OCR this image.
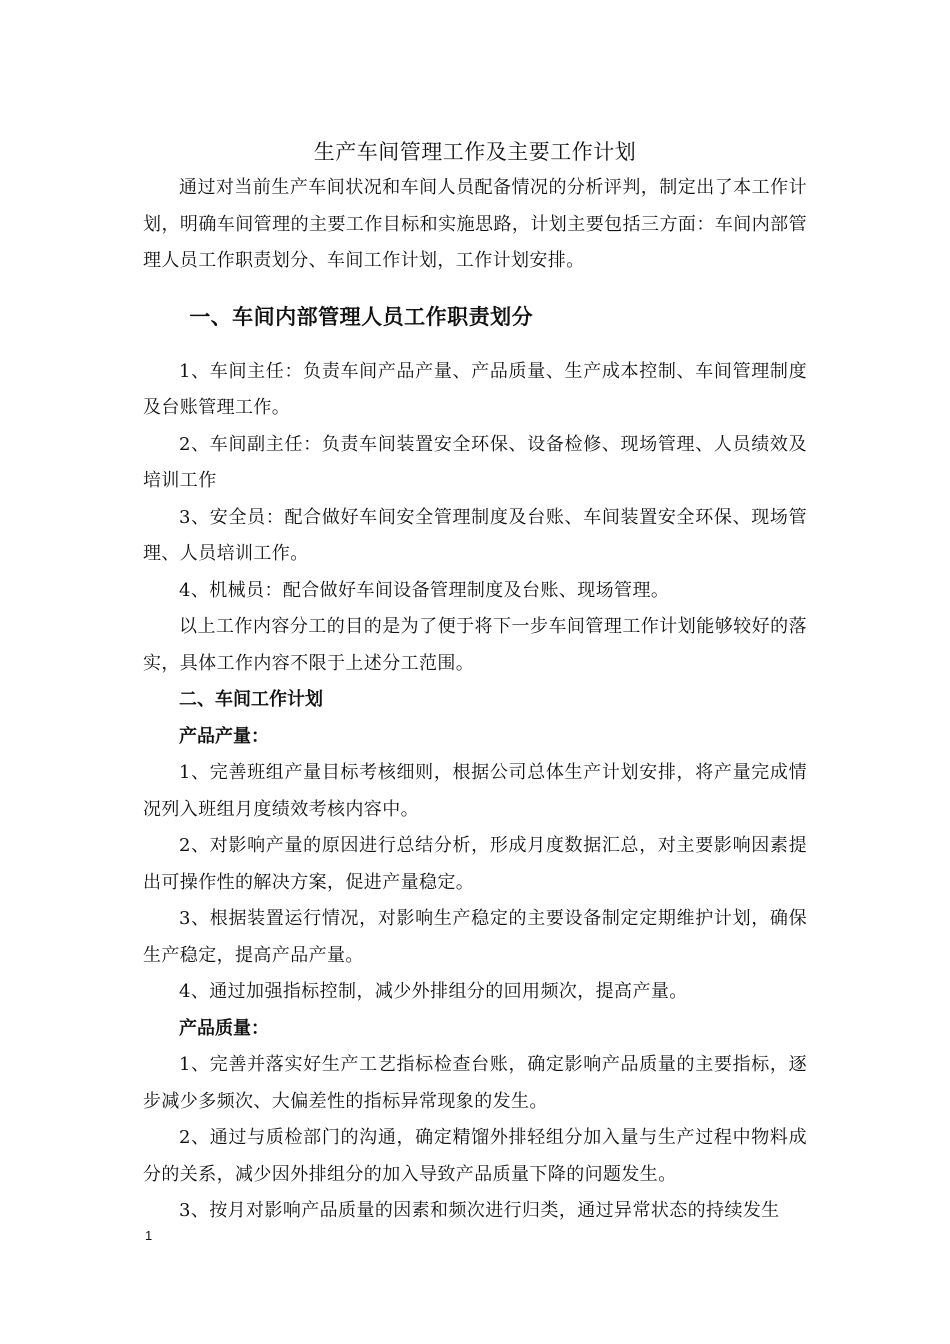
生产车间管理工作及主要工作计划

通过对当前生产车间状况和车间人员配备情况的分析评判，制定出了本工作计划，明确车间管理的主要工作目标和实施思路，计划主要包括三方面：车间内部管理人员工作职责划分、车间工作计划，工作计划安排。

一、车间内部管理人员工作职责划分

1、车间主任：负责车间产品产量、产品质量、生产成本控制、车间管理制度及台账管理工作。

2、车间副主任：负责车间装置安全环保、设备检修、现场管理、人员绩效及培训工作

3、安全员：配合做好车间安全管理制度及台账、车间装置安全环保、现场管理、人员培训工作。

4、机械员：配合做好车间设备管理制度及台账、现场管理。

以上工作内容分工的目的是为了便于将下一步车间管理工作计划能够较好的落实，具体工作内容不限于上述分工范围。

二、车间工作计划
产品产量：

1、完善班组产量目标考核细则，根据公司总体生产计划安排，将产量完成情况列入班组月度绩效考核内容中。

2、对影响产量的原因进行总结分析，形成月度数据汇总，对主要影响因素提出可操作性的解决方案，促进产量稳定。

3、根据装置运行情况，对影响生产稳定的主要设备制定定期维护计划，确保生产稳定，提高产品产量。

4、通过加强指标控制，减少外排组分的回用频次，提高产量。

产品质量：

1、完善并落实好生产工艺指标检查台账，确定影响产品质量的主要指标，逐步减少多频次、大偏差性的指标异常现象的发生。

2、通过与质检部门的沟通，确定精馏外排轻组分加入量与生产过程中物料成分的关系，减少因外排组分的加入导致产品质量下降的问题发生。

3、按月对影响产品质量的因素和频次进行归类，通过异常状态的持续发生

1
